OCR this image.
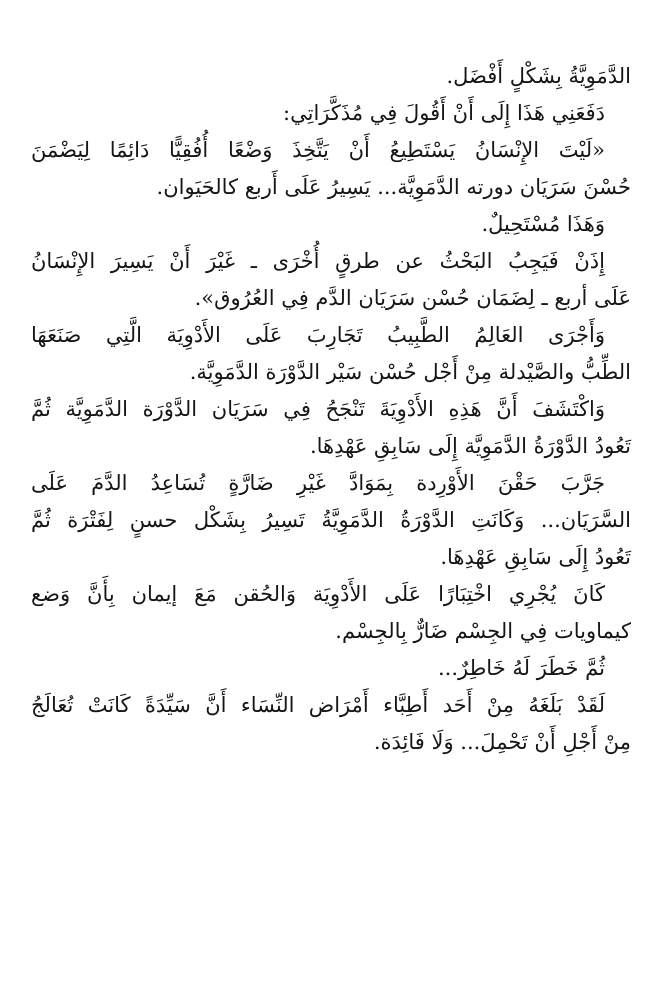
الدَّمَوِيَّةُ بِشَكْلٍ أَفْضَل.
دَفَعَنِي هَذَا إِلَى أَنْ أَقُولَ فِي مُذَكَّرَاتِي:
«لَيْتَ الإِنْسَانُ يَسْتَطِيعُ أَنْ يَتَّخِذَ وَضْعًا أُفُقِيًّا دَائِمًا لِيَضْمَنَ
حُسْنَ سَرَيَان دورته الدَّمَوِيَّة... يَسِيرُ عَلَى أَربع كالحَيَوان.
وَهَذَا مُسْتَحِيلٌ.
إِذَنْ فَيَجِبُ البَحْثُ عن طرقٍ أُخْرَى ـ غَيْرَ أَنْ يَسِيرَ الإِنْسَانُ
عَلَى أربع ـ لِضَمَان حُسْن سَرَيَان الدَّم فِي العُرُوق».
وَأَجْرَى العَالِمُ الطَّبِيبُ تَجَارِبَ عَلَى الأَدْوِيَة الَّتِي صَنَعَهَا
الطِّبُّ والصَّيْدلة مِنْ أَجْل حُسْن سَيْر الدَّوْرَة الدَّمَوِيَّة.
وَاكْتَشَفَ أَنَّ هَذِهِ الأَدْوِيَةَ تَنْجَحُ فِي سَرَيَان الدَّوْرَة الدَّمَوِيَّة ثُمَّ
تَعُودُ الدَّوْرَةُ الدَّمَوِيَّة إِلَى سَابِقِ عَهْدِهَا.
جَرَّبَ حَقْنَ الأَوْرِدة بِمَوَادَّ غَيْرِ ضَارَّةٍ تُسَاعِدُ الدَّمَ عَلَى
السَّرَيَان... وَكَانَتِ الدَّوْرَةُ الدَّمَوِيَّةُ تَسِيرُ بِشَكْل حسنٍ لِفَتْرَة ثُمَّ
تَعُودُ إِلَى سَابِقِ عَهْدِهَا.
كَانَ يُجْرِي اخْتِبَارًا عَلَى الأَدْوِيَة وَالحُقن مَعَ إيمان بِأَنَّ وَضع
كيماويات فِي الجِسْم ضَارٌّ بِالجِسْم.
ثُمَّ خَطَرَ لَهُ خَاطِرٌ...
لَقَدْ بَلَغَهُ مِنْ أَحَد أَطِبَّاء أَمْرَاض النِّسَاء أَنَّ سَيِّدَةً كَانَتْ تُعَالَجُ
مِنْ أَجْلِ أَنْ تَحْمِلَ... وَلَا فَائِدَة.
